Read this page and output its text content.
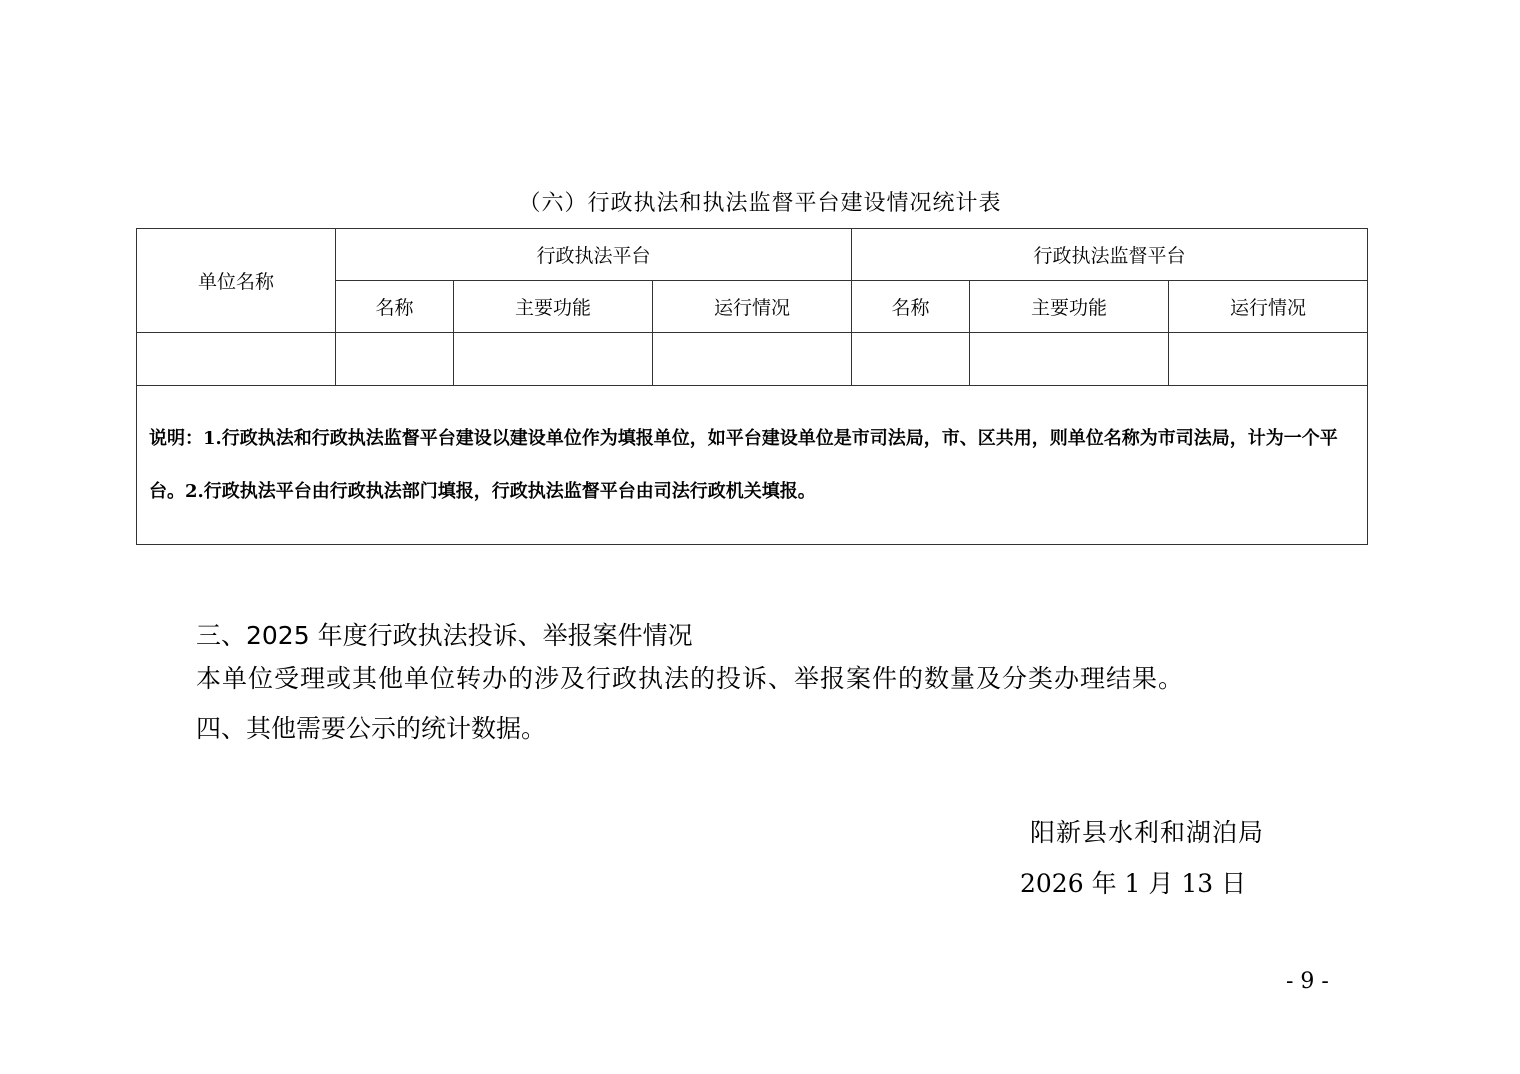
（六）行政执法和执法监督平台建设情况统计表
单位名称	行政执法平台			行政执法监督平台		
	名称	主要功能	运行情况	名称	主要功能	运行情况

说明：1.行政执法和行政执法监督平台建设以建设单位作为填报单位，如平台建设单位是市司法局，市、区共用，则单位名称为市司法局，计为一个平台。2.行政执法平台由行政执法部门填报，行政执法监督平台由司法行政机关填报。						
三、2025 年度行政执法投诉、举报案件情况
本单位受理或其他单位转办的涉及行政执法的投诉、举报案件的数量及分类办理结果。
四、其他需要公示的统计数据。
阳新县水利和湖泊局
2026 年 1 月 13 日
- 9 -
